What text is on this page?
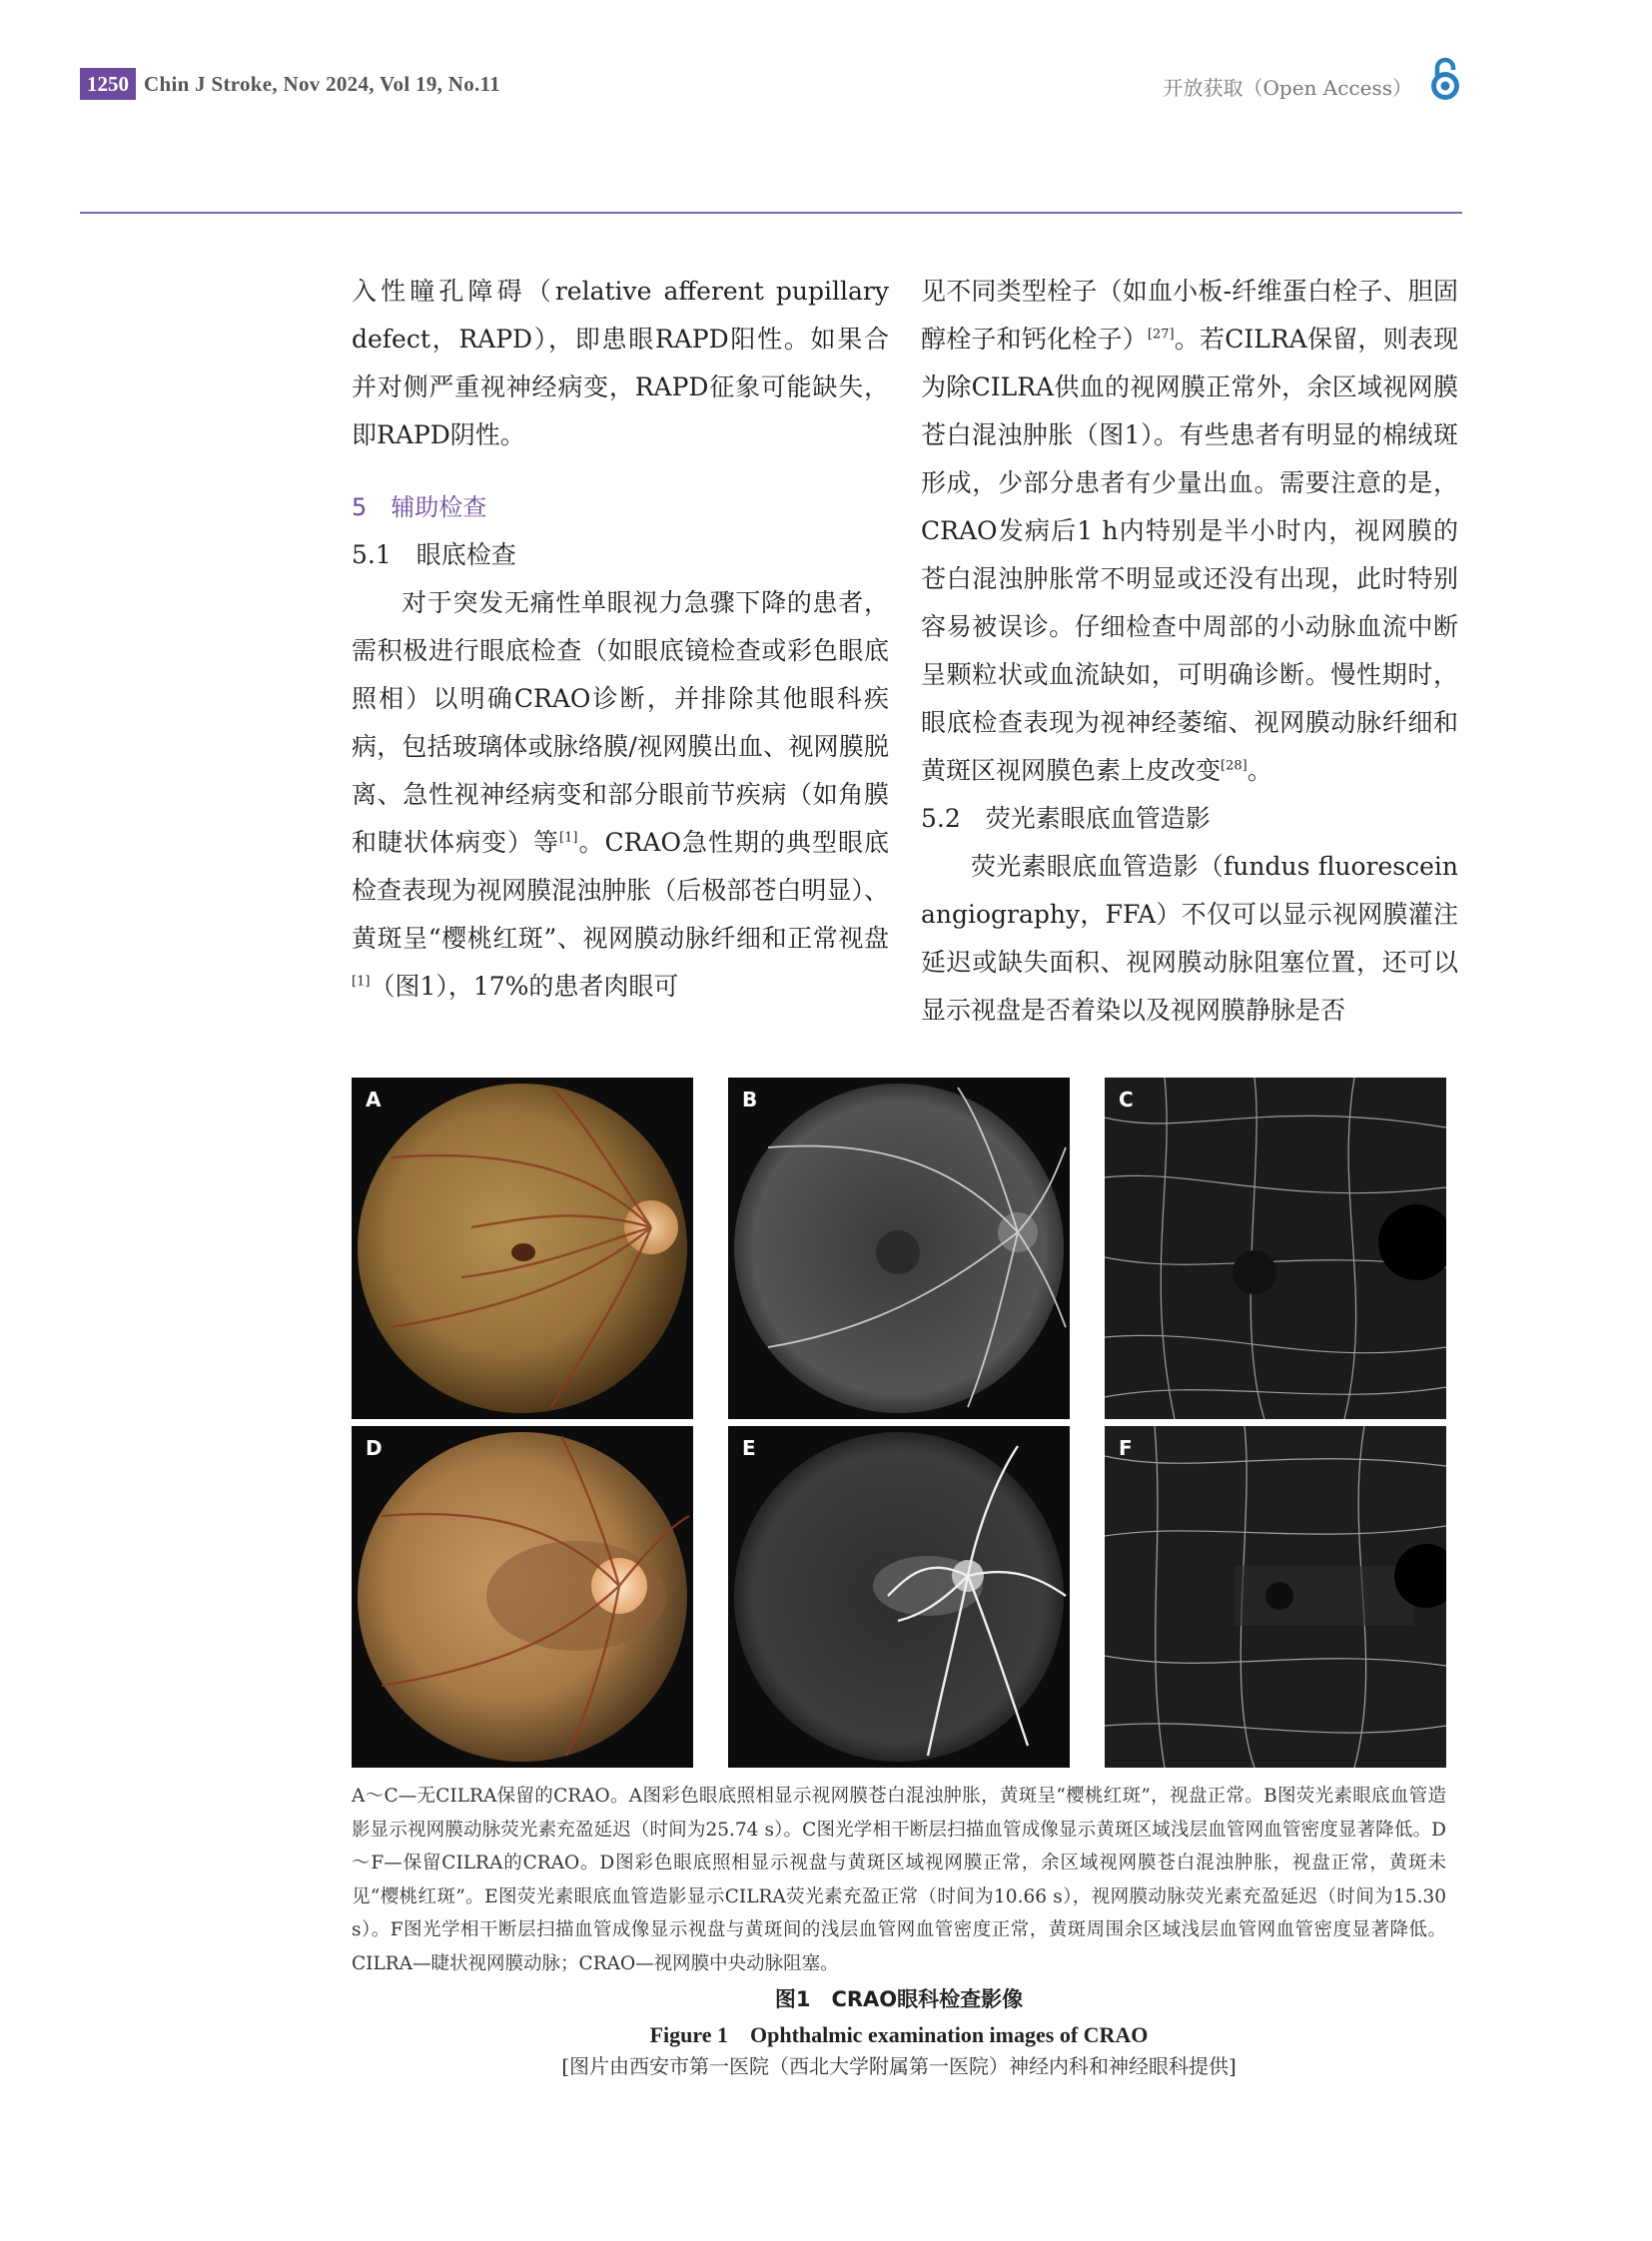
1250 Chin J Stroke, Nov 2024, Vol 19, No.11	开放获取（Open Access）

入性瞳孔障碍（relative afferent pupillary defect，RAPD），即患眼RAPD阳性。如果合并对侧严重视神经病变，RAPD征象可能缺失，即RAPD阴性。

5　辅助检查

5.1　眼底检查

对于突发无痛性单眼视力急骤下降的患者，需积极进行眼底检查（如眼底镜检查或彩色眼底照相）以明确CRAO诊断，并排除其他眼科疾病，包括玻璃体或脉络膜/视网膜出血、视网膜脱离、急性视神经病变和部分眼前节疾病（如角膜和睫状体病变）等[1]。CRAO急性期的典型眼底检查表现为视网膜混浊肿胀（后极部苍白明显）、黄斑呈“樱桃红斑”、视网膜动脉纤细和正常视盘[1]（图1），17%的患者肉眼可

见不同类型栓子（如血小板-纤维蛋白栓子、胆固醇栓子和钙化栓子）[27]。若CILRA保留，则表现为除CILRA供血的视网膜正常外，余区域视网膜苍白混浊肿胀（图1）。有些患者有明显的棉绒斑形成，少部分患者有少量出血。需要注意的是，CRAO发病后1 h内特别是半小时内，视网膜的苍白混浊肿胀常不明显或还没有出现，此时特别容易被误诊。仔细检查中周部的小动脉血流中断呈颗粒状或血流缺如，可明确诊断。慢性期时，眼底检查表现为视神经萎缩、视网膜动脉纤细和黄斑区视网膜色素上皮改变[28]。

5.2　荧光素眼底血管造影

荧光素眼底血管造影（fundus fluorescein angiography，FFA）不仅可以显示视网膜灌注延迟或缺失面积、视网膜动脉阻塞位置，还可以显示视盘是否着染以及视网膜静脉是否

A	B	C
D	E	F
A～C—无CILRA保留的CRAO。A图彩色眼底照相显示视网膜苍白混浊肿胀，黄斑呈“樱桃红斑”，视盘正常。B图荧光素眼底血管造影显示视网膜动脉荧光素充盈延迟（时间为25.74 s）。C图光学相干断层扫描血管成像显示黄斑区域浅层血管网血管密度显著降低。D～F—保留CILRA的CRAO。D图彩色眼底照相显示视盘与黄斑区域视网膜正常，余区域视网膜苍白混浊肿胀，视盘正常，黄斑未见“樱桃红斑”。E图荧光素眼底血管造影显示CILRA荧光素充盈正常（时间为10.66 s），视网膜动脉荧光素充盈延迟（时间为15.30 s）。F图光学相干断层扫描血管成像显示视盘与黄斑间的浅层血管网血管密度正常，黄斑周围余区域浅层血管网血管密度显著降低。CILRA—睫状视网膜动脉；CRAO—视网膜中央动脉阻塞。
图1　CRAO眼科检查影像
Figure 1　Ophthalmic examination images of CRAO
[图片由西安市第一医院（西北大学附属第一医院）神经内科和神经眼科提供]
